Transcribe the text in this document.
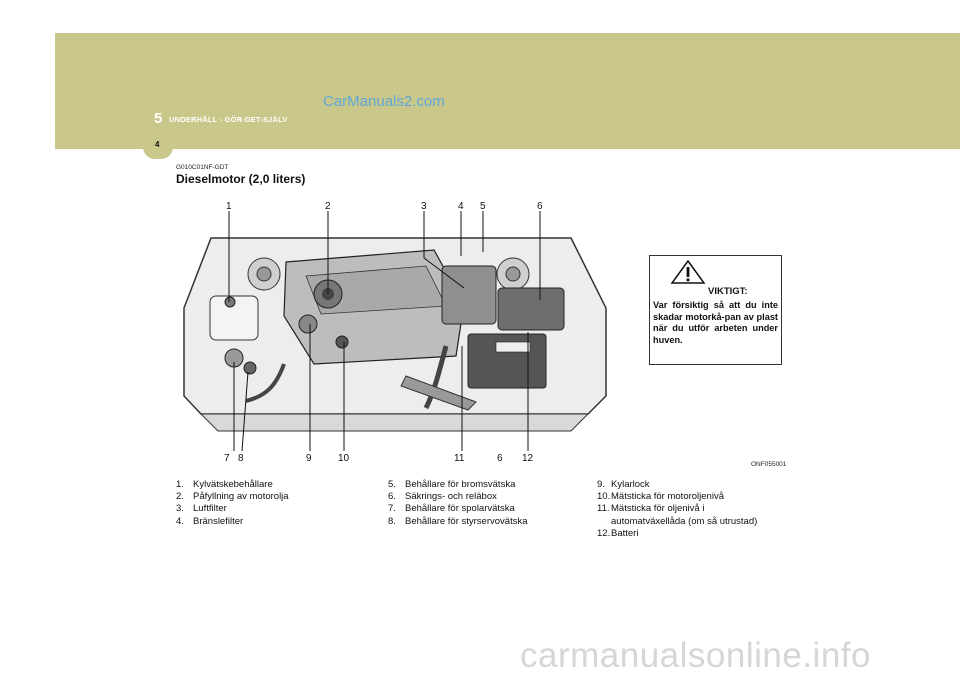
CarManuals2.com
5 UNDERHÅLL - GÖR-DET-SJÄLV
4
G010C01NF-GDT
Dieselmotor (2,0 liters)
1	2	3	4 5	6
7 8	9	10	11	6 12
ONF055001
VIKTIGT:
Var försiktig så att du inte skadar motorkå-pan av plast när du utför arbeten under huven.
1. Kylvätskebehållare
2. Påfyllning av motorolja
3. Luftfilter
4. Bränslefilter
5. Behållare för bromsvätska
6. Säkrings- och reläbox
7. Behållare för spolarvätska
8. Behållare för styrservovätska
9. Kylarlock
10. Mätsticka för motoroljenivå
11. Mätsticka för oljenivå i
automatväxellåda (om så utrustad)
12. Batteri
carmanualsonline.info
